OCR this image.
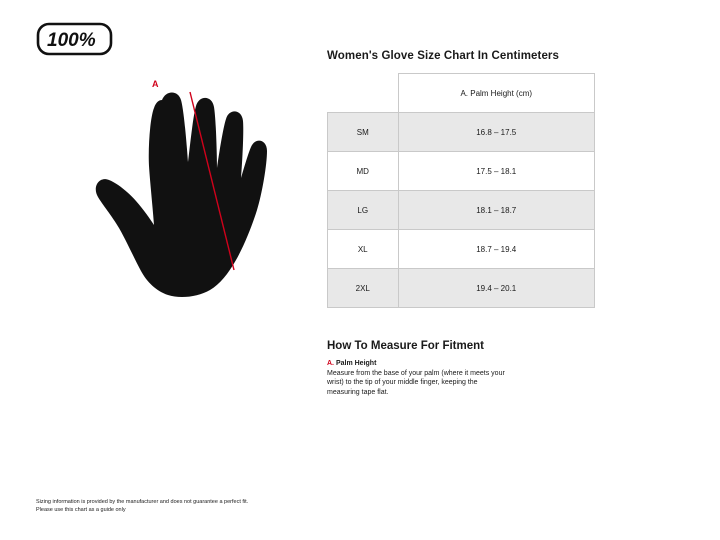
100%
A
Women's Glove Size Chart In Centimeters
	A. Palm Height (cm)
SM	16.8 – 17.5
MD	17.5 – 18.1
LG	18.1 – 18.7
XL	18.7 – 19.4
2XL	19.4 – 20.1
How To Measure For Fitment

A. Palm Height

Measure from the base of your palm (where it meets your wrist) to the tip of your middle finger, keeping the measuring tape flat.

Sizing information is provided by the manufacturer and does not guarantee a perfect fit.

Please use this chart as a guide only
